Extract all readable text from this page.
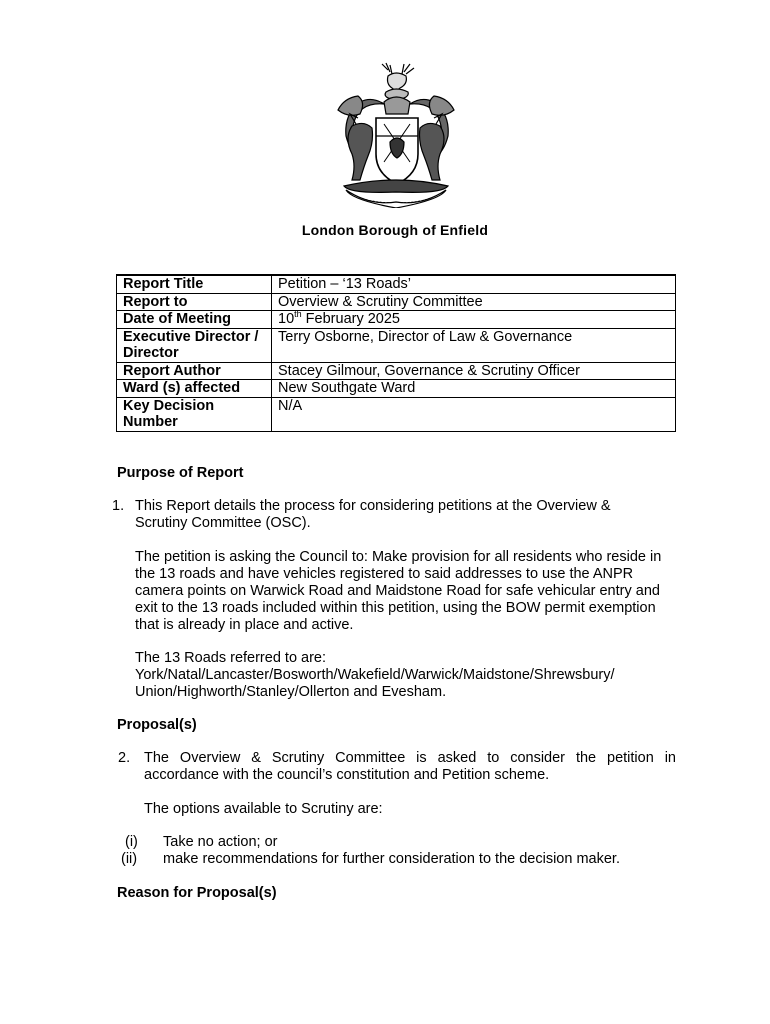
London Borough of Enfield
Report Title	Petition – ‘13 Roads’
Report to	Overview & Scrutiny Committee
Date of Meeting	10th February 2025
Executive Director / Director	Terry Osborne, Director of Law & Governance
Report Author	Stacey Gilmour, Governance & Scrutiny Officer
Ward (s) affected	New Southgate Ward
Key Decision Number	N/A
Purpose of Report
1. This Report details the process for considering petitions at the Overview & Scrutiny Committee (OSC).
The petition is asking the Council to: Make provision for all residents who reside in the 13 roads and have vehicles registered to said addresses to use the ANPR camera points on Warwick Road and Maidstone Road for safe vehicular entry and exit to the 13 roads included within this petition, using the BOW permit exemption that is already in place and active.
The 13 Roads referred to are:
York/Natal/Lancaster/Bosworth/Wakefield/Warwick/Maidstone/Shrewsbury/
Union/Highworth/Stanley/Ollerton and Evesham.
Proposal(s)
2. The Overview & Scrutiny Committee is asked to consider the petition in accordance with the council’s constitution and Petition scheme.
The options available to Scrutiny are:
(i) Take no action; or
(ii) make recommendations for further consideration to the decision maker.
Reason for Proposal(s)
